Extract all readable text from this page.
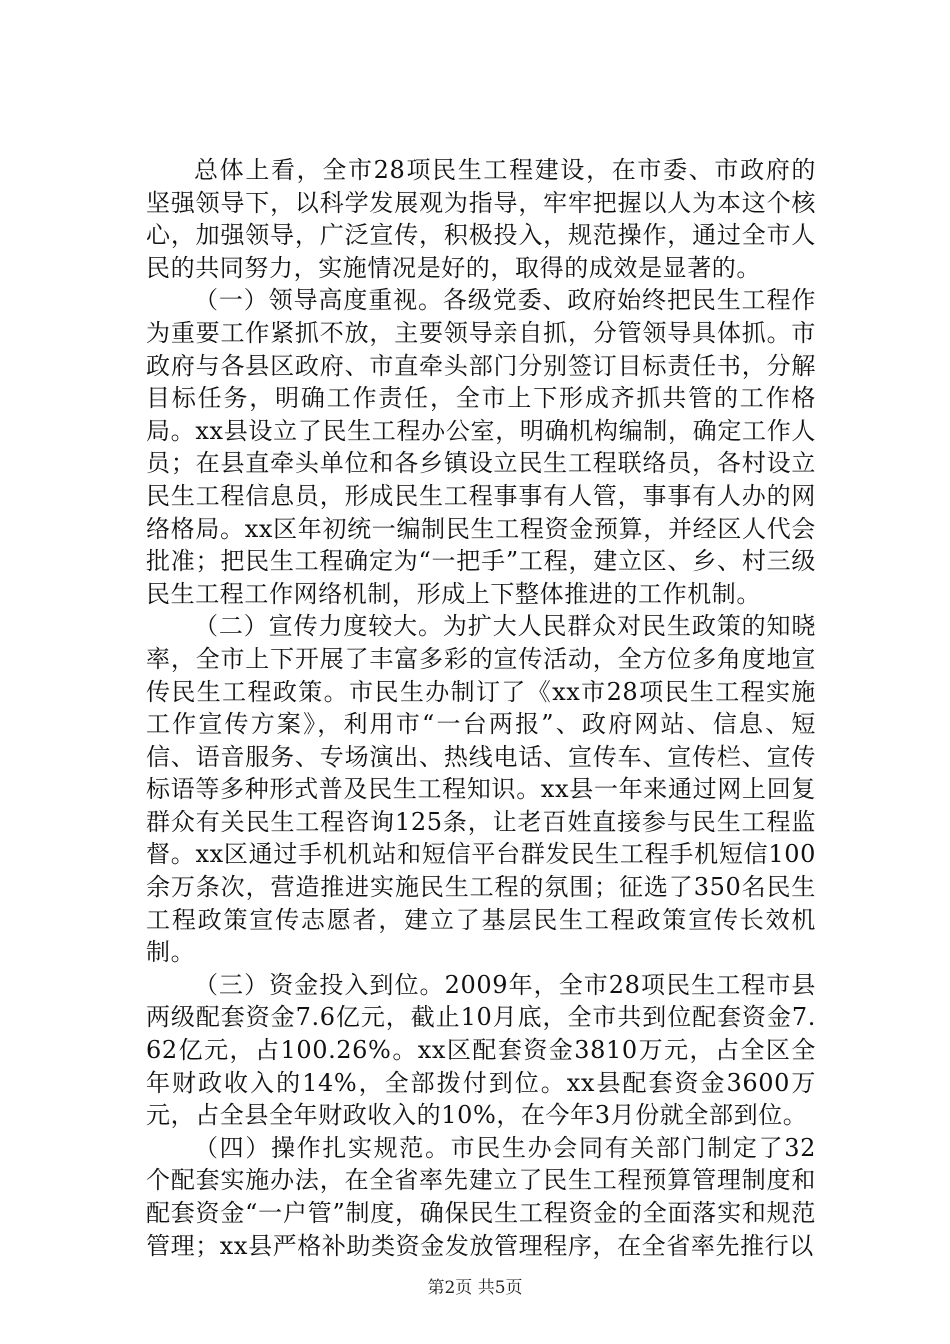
总体上看，全市28项民生工程建设，在市委、市政府的坚强领导下，以科学发展观为指导，牢牢把握以人为本这个核心，加强领导，广泛宣传，积极投入，规范操作，通过全市人民的共同努力，实施情况是好的，取得的成效是显著的。

（一）领导高度重视。各级党委、政府始终把民生工程作为重要工作紧抓不放，主要领导亲自抓，分管领导具体抓。市政府与各县区政府、市直牵头部门分别签订目标责任书，分解目标任务，明确工作责任，全市上下形成齐抓共管的工作格局。xx县设立了民生工程办公室，明确机构编制，确定工作人员；在县直牵头单位和各乡镇设立民生工程联络员，各村设立民生工程信息员，形成民生工程事事有人管，事事有人办的网络格局。xx区年初统一编制民生工程资金预算，并经区人代会批准；把民生工程确定为“一把手”工程，建立区、乡、村三级民生工程工作网络机制，形成上下整体推进的工作机制。

（二）宣传力度较大。为扩大人民群众对民生政策的知晓率，全市上下开展了丰富多彩的宣传活动，全方位多角度地宣传民生工程政策。市民生办制订了《xx市28项民生工程实施工作宣传方案》，利用市“一台两报”、政府网站、信息、短信、语音服务、专场演出、热线电话、宣传车、宣传栏、宣传标语等多种形式普及民生工程知识。xx县一年来通过网上回复群众有关民生工程咨询125条，让老百姓直接参与民生工程监督。xx区通过手机机站和短信平台群发民生工程手机短信100余万条次，营造推进实施民生工程的氛围；征选了350名民生工程政策宣传志愿者，建立了基层民生工程政策宣传长效机制。

（三）资金投入到位。2009年，全市28项民生工程市县两级配套资金7.6亿元，截止10月底，全市共到位配套资金7.62亿元，占100.26%。xx区配套资金3810万元，占全区全年财政收入的14%，全部拨付到位。xx县配套资金3600万元，占全县全年财政收入的10%，在今年3月份就全部到位。

（四）操作扎实规范。市民生办会同有关部门制定了32个配套实施办法，在全省率先建立了民生工程预算管理制度和配套资金“一户管”制度，确保民生工程资金的全面落实和规范管理；xx县严格补助类资金发放管理程序，在全省率先推行以

第2页 共5页
